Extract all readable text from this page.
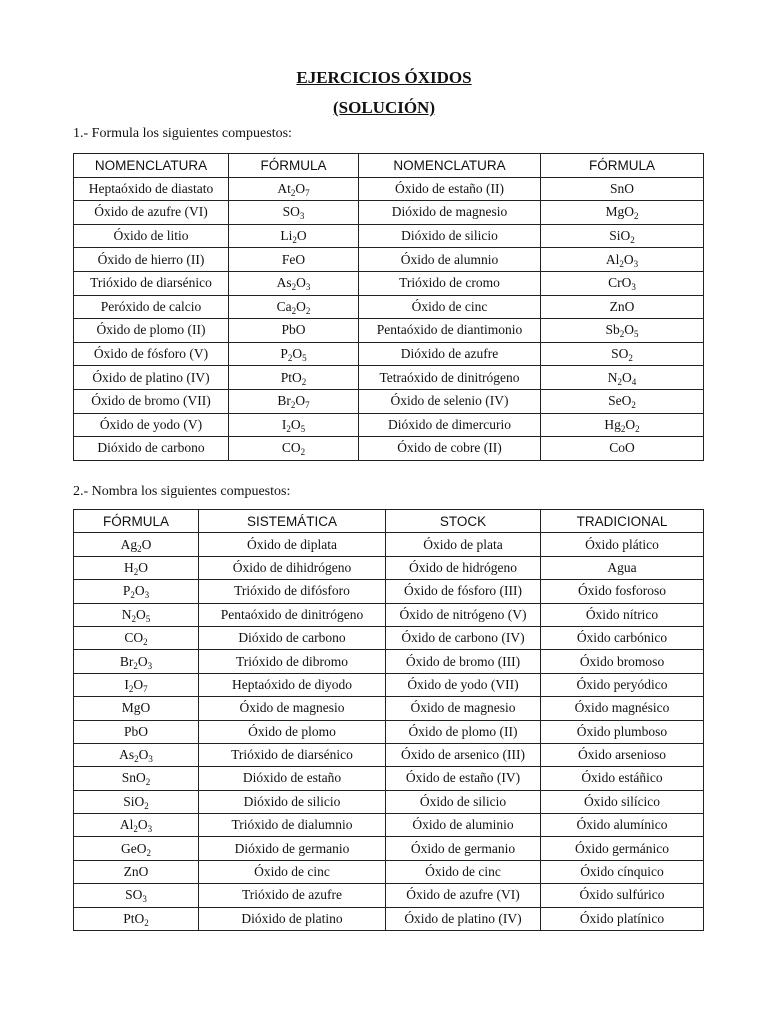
EJERCICIOS ÓXIDOS
(SOLUCIÓN)
1.- Formula los siguientes compuestos:
NOMENCLATURA	FÓRMULA	NOMENCLATURA	FÓRMULA
Heptaóxido de diastato	$At_2O_7$	Óxido de estaño (II)	SnO
Óxido de azufre (VI)	$SO_3$	Dióxido de magnesio	MgO$_2$
Óxido de litio	$Li_2O$	Dióxido de silicio	SiO$_2$
Óxido de hierro (II)	FeO	Óxido de alumnio	$Al_2O_3$
Trióxido de diarsénico	$As_2O_3$	Trióxido de cromo	CrO$_3$
Peróxido de calcio	$Ca_2O_2$	Óxido de cinc	ZnO
Óxido de plomo (II)	PbO	Pentaóxido de diantimonio	$Sb_2O_5$
Óxido de fósforo (V)	$P_2O_5$	Dióxido de azufre	$SO_2$
Óxido de platino (IV)	PtO$_2$	Tetraóxido de dinitrógeno	$N_2O_4$
Óxido de bromo (VII)	$Br_2O_7$	Óxido de selenio (IV)	SeO$_2$
Óxido de yodo (V)	$I_2O_5$	Dióxido de dimercurio	$Hg_2O_2$
Dióxido de carbono	$CO_2$	Óxido de cobre (II)	CoO
2.- Nombra los siguientes compuestos:
FÓRMULA	SISTEMÁTICA	STOCK	TRADICIONAL
$Ag_2O$	Óxido de diplata	Óxido de plata	Óxido plático
$H_2O$	Óxido de dihidrógeno	Óxido de hidrógeno	Agua
$P_2O_3$	Trióxido de difósforo	Óxido de fósforo (III)	Óxido fosforoso
$N_2O_5$	Pentaóxido de dinitrógeno	Óxido de nitrógeno (V)	Óxido nítrico
$CO_2$	Dióxido de carbono	Óxido de carbono (IV)	Óxido carbónico
$Br_2O_3$	Trióxido de dibromo	Óxido de bromo (III)	Óxido bromoso
$I_2O_7$	Heptaóxido de diyodo	Óxido de yodo (VII)	Óxido peryódico
MgO	Óxido de magnesio	Óxido de magnesio	Óxido magnésico
PbO	Óxido de plomo	Óxido de plomo (II)	Óxido plumboso
$As_2O_3$	Trióxido de diarsénico	Óxido de arsenico (III)	Óxido arsenioso
SnO$_2$	Dióxido de estaño	Óxido de estaño (IV)	Óxido estáñico
SiO$_2$	Dióxido de silicio	Óxido de silicio	Óxido silícico
$Al_2O_3$	Trióxido de dialumnio	Óxido de aluminio	Óxido alumínico
GeO$_2$	Dióxido de germanio	Óxido de germanio	Óxido germánico
ZnO	Óxido de cinc	Óxido de cinc	Óxido cínquico
$SO_3$	Trióxido de azufre	Óxido de azufre (VI)	Óxido sulfúrico
PtO$_2$	Dióxido de platino	Óxido de platino (IV)	Óxido platínico
